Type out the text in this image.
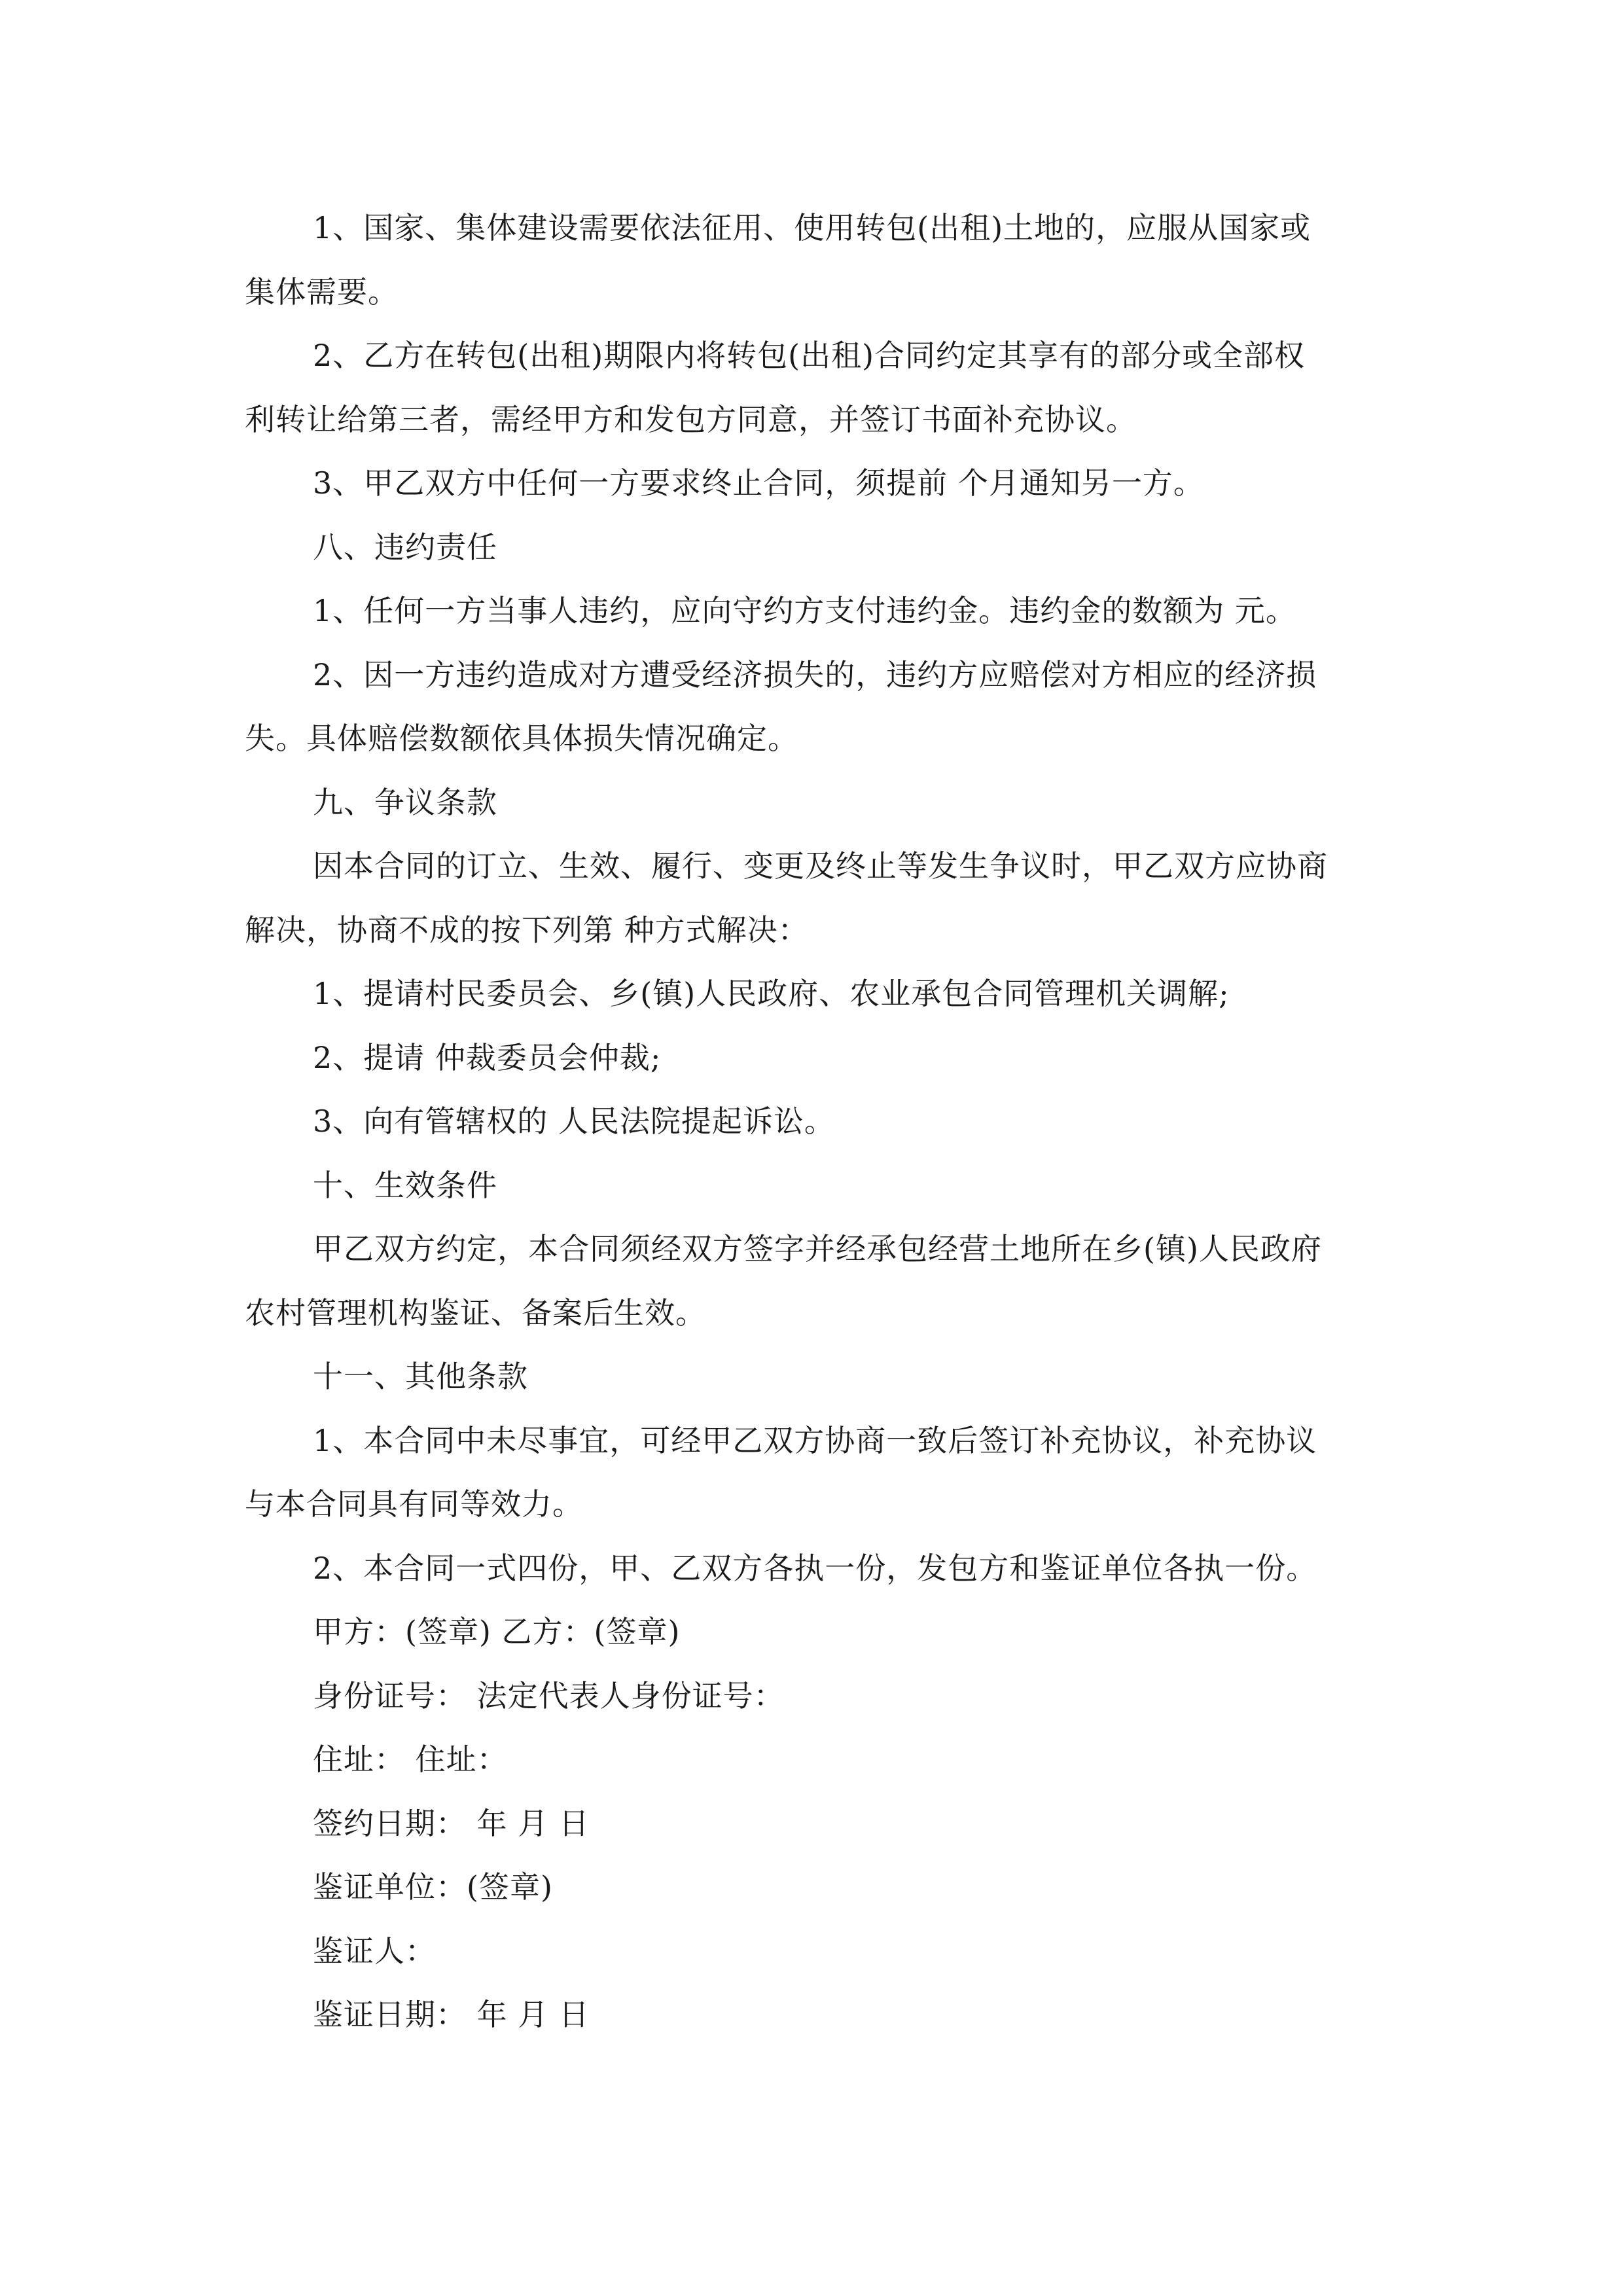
1、国家、集体建设需要依法征用、使用转包(出租)土地的，应服从国家或
集体需要。
2、乙方在转包(出租)期限内将转包(出租)合同约定其享有的部分或全部权
利转让给第三者，需经甲方和发包方同意，并签订书面补充协议。
3、甲乙双方中任何一方要求终止合同，须提前 个月通知另一方。
八、违约责任
1、任何一方当事人违约，应向守约方支付违约金。违约金的数额为 元。
2、因一方违约造成对方遭受经济损失的，违约方应赔偿对方相应的经济损
失。具体赔偿数额依具体损失情况确定。
九、争议条款
因本合同的订立、生效、履行、变更及终止等发生争议时，甲乙双方应协商
解决，协商不成的按下列第 种方式解决：
1、提请村民委员会、乡(镇)人民政府、农业承包合同管理机关调解;
2、提请 仲裁委员会仲裁;
3、向有管辖权的 人民法院提起诉讼。
十、生效条件
甲乙双方约定，本合同须经双方签字并经承包经营土地所在乡(镇)人民政府
农村管理机构鉴证、备案后生效。
十一、其他条款
1、本合同中未尽事宜，可经甲乙双方协商一致后签订补充协议，补充协议
与本合同具有同等效力。
2、本合同一式四份，甲、乙双方各执一份，发包方和鉴证单位各执一份。
甲方：(签章) 乙方：(签章)
身份证号： 法定代表人身份证号：
住址： 住址：
签约日期： 年 月 日
鉴证单位：(签章)
鉴证人：
鉴证日期： 年 月 日
